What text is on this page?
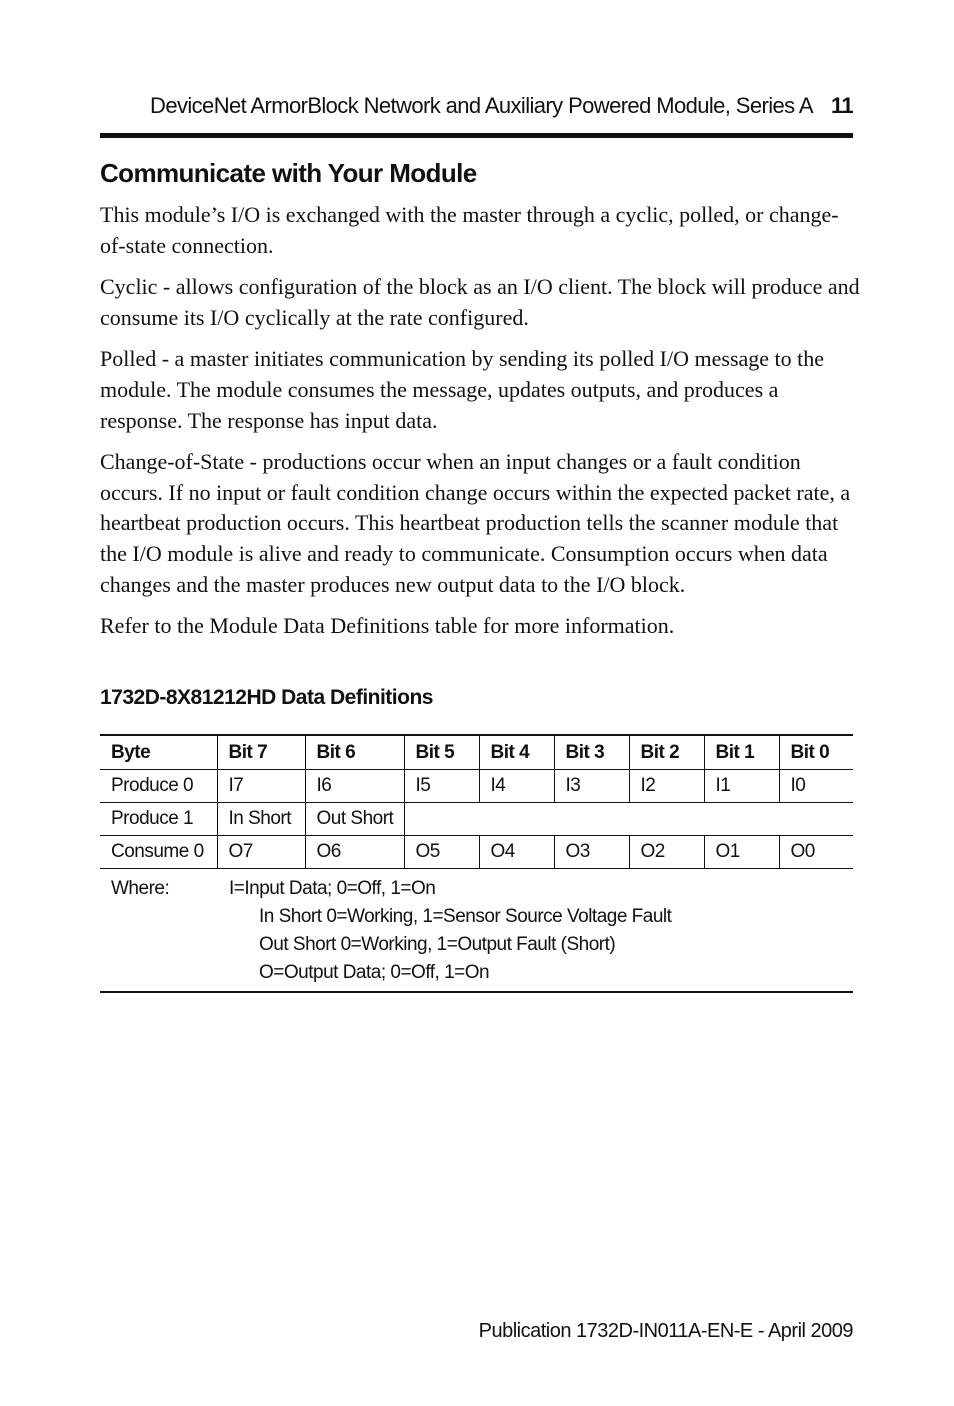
DeviceNet ArmorBlock Network and Auxiliary Powered Module, Series A 11
Communicate with Your Module

This module’s I/O is exchanged with the master through a cyclic, polled, or change-of-state connection.

Cyclic - allows configuration of the block as an I/O client. The block will produce and consume its I/O cyclically at the rate configured.

Polled - a master initiates communication by sending its polled I/O message to the module. The module consumes the message, updates outputs, and produces a response. The response has input data.

Change-of-State - productions occur when an input changes or a fault condition occurs. If no input or fault condition change occurs within the expected packet rate, a heartbeat production occurs. This heartbeat production tells the scanner module that the I/O module is alive and ready to communicate. Consumption occurs when data changes and the master produces new output data to the I/O block.

Refer to the Module Data Definitions table for more information.

1732D-8X81212HD Data Definitions
Byte	Bit 7	Bit 6	Bit 5	Bit 4	Bit 3	Bit 2	Bit 1	Bit 0
Produce 0	I7	I6	I5	I4	I3	I2	I1	I0
Produce 1	In Short	Out Short						
Consume 0	O7	O6	O5	O4	O3	O2	O1	O0

Where: I=Input Data; 0=Off, 1=On
In Short 0=Working, 1=Sensor Source Voltage Fault
Out Short 0=Working, 1=Output Fault (Short)
O=Output Data; 0=Off, 1=On								
Publication 1732D-IN011A-EN-E - April 2009
